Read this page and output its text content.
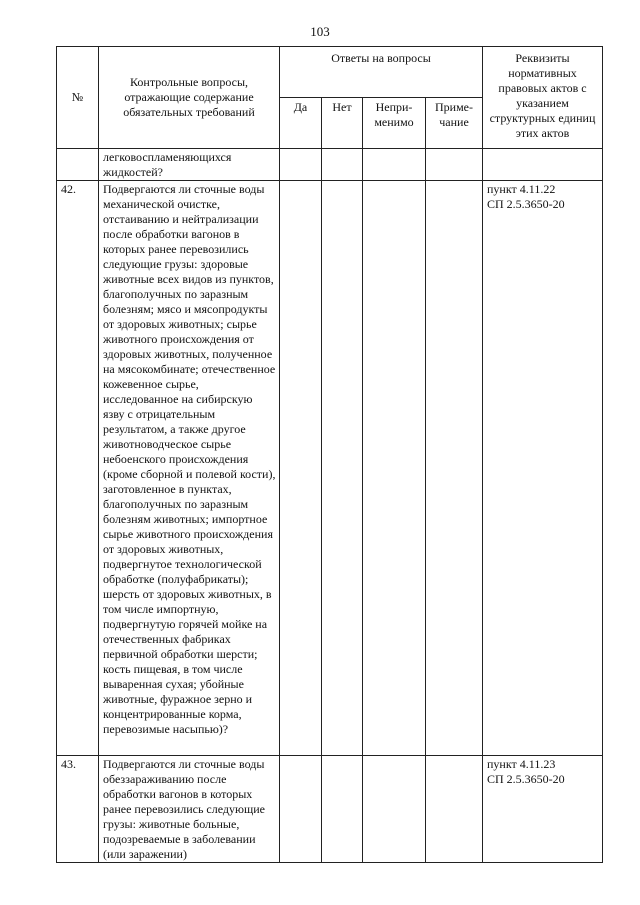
103
№	Контрольные вопросы, отражающие содержание обязательных требований	Ответы на вопросы				Реквизиты нормативных правовых актов с указанием структурных единиц этих актов
		Да	Нет	Непри-менимо	Приме-чание	
	легковоспламеняющихся жидкостей?					
42.	Подвергаются ли сточные воды механической очистке, отстаиванию и нейтрализации после обработки вагонов в которых ранее перевозились следующие грузы: здоровые животные всех видов из пунктов, благополучных по заразным болезням; мясо и мясопродукты от здоровых животных; сырье животного происхождения от здоровых животных, полученное на мясокомбинате; отечественное кожевенное сырье, исследованное на сибирскую язву с отрицательным результатом, а также другое животноводческое сырье небоенского происхождения (кроме сборной и полевой кости), заготовленное в пунктах, благополучных по заразным болезням животных; импортное сырье животного происхождения от здоровых животных, подвергнутое технологической обработке (полуфабрикаты); шерсть от здоровых животных, в том числе импортную, подвергнутую горячей мойке на отечественных фабриках первичной обработки шерсти; кость пищевая, в том числе вываренная сухая; убойные животные, фуражное зерно и концентрированные корма, перевозимые насыпью)?					пункт 4.11.22
СП 2.5.3650-20

43.	Подвергаются ли сточные воды обеззараживанию после обработки вагонов в которых ранее перевозились следующие грузы: животные больные, подозреваемые в заболевании (или заражении)					пункт 4.11.23
СП 2.5.3650-20
